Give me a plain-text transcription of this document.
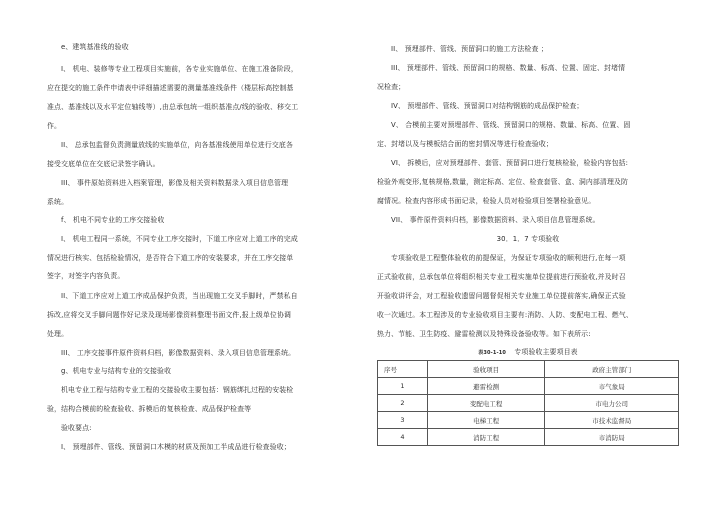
e、建筑基准线的验收
I、 机电、装修等专业工程项目实施前，各专业实施单位、在施工准备阶段，
应在提交的施工条件申请表中详细描述需要的测量基准线条件（楼层标高控制基
准点、基准线以及水平定位轴线等）,由总承包统一组织基准点/线的验收、移交工
作。
II、 总承包监督负责测量放线的实施单位，向各基准线使用单位进行交底各
接受交底单位在交底记录签字确认。
III、 事件原始资料进入档案管理，影像及相关资料数据录入项目信息管理
系统。
f、 机电不同专业的工序交接验收
I、 机电工程同一系统，不同专业工序交接时，下道工序应对上道工序的完成
情况进行核实、包括检验情况，是否符合下道工序的安装要求，并在工序交接单
签字，对签字内容负责。
II、下道工序应对上道工序成品保护负责，当出现施工交叉手脚时，严禁私自
拆改,应将交叉手脚问题作好记录及现场影像资料整理书面文件,报上级单位协调
处理。
III、 工序交接事件原件资料归档，影像数据资料、录入项目信息管理系统。
g、机电专业与结构专业的交接验收
机电专业工程与结构专业工程的交接验收主要包括：钢筋绑扎过程的安装检
验，结构合模前的检查验收、拆模后的复核检查、成品保护检查等
验收要点:
I、 预埋部件、管线、预留洞口木模的材质及预加工半成品进行检查验收；
II、 预埋部件、管线、预留洞口的施工方法检查 ；
III、 预埋部件、管线、预留洞口的规格、数量、标高、位置、固定、封堵情
况检查；
IV、 预埋部件、管线、预留洞口对结构钢筋的成品保护检查；
V、 合模前主要对预埋部件、管线、预留洞口的规格、数量、标高、位置、固
定、封堵以及与模板结合面的密封情况等进行检查验收；
VI、 拆模后，应对预埋部件、套管、预留洞口进行复核检验，检验内容包括:
检验外观变形,复核规格,数量，测定标高、定位、检查套管、盒、洞内部清理及防
腐情况。检查内容形成书面记录，检验人员对检验项目签署检验意见。
VII、 事件原件资料归档，影像数据资料、录入项目信息管理系统。
30．1．7 专项验收
专项验收是工程整体验收的前提保证，为保证专项验收的顺利进行,在每一项
正式验收前，总承包单位将组织相关专业工程实施单位提前进行预验收,并及时召
开验收讲评会，对工程验收遗留问题督促相关专业施工单位提前落实,确保正式验
收一次通过。本工程涉及的专业验收项目主要有:消防、人防、变配电工程、燃气、
热力、节能、卫生防疫、避雷检测以及特殊设备验收等。如下表所示:
表30-1-10 专项验收主要项目表
序号	验收项目	政府主管部门
1	避雷检测	市气象局
2	变配电工程	市电力公司
3	电梯工程	市技术监督局
4	消防工程	市消防局
